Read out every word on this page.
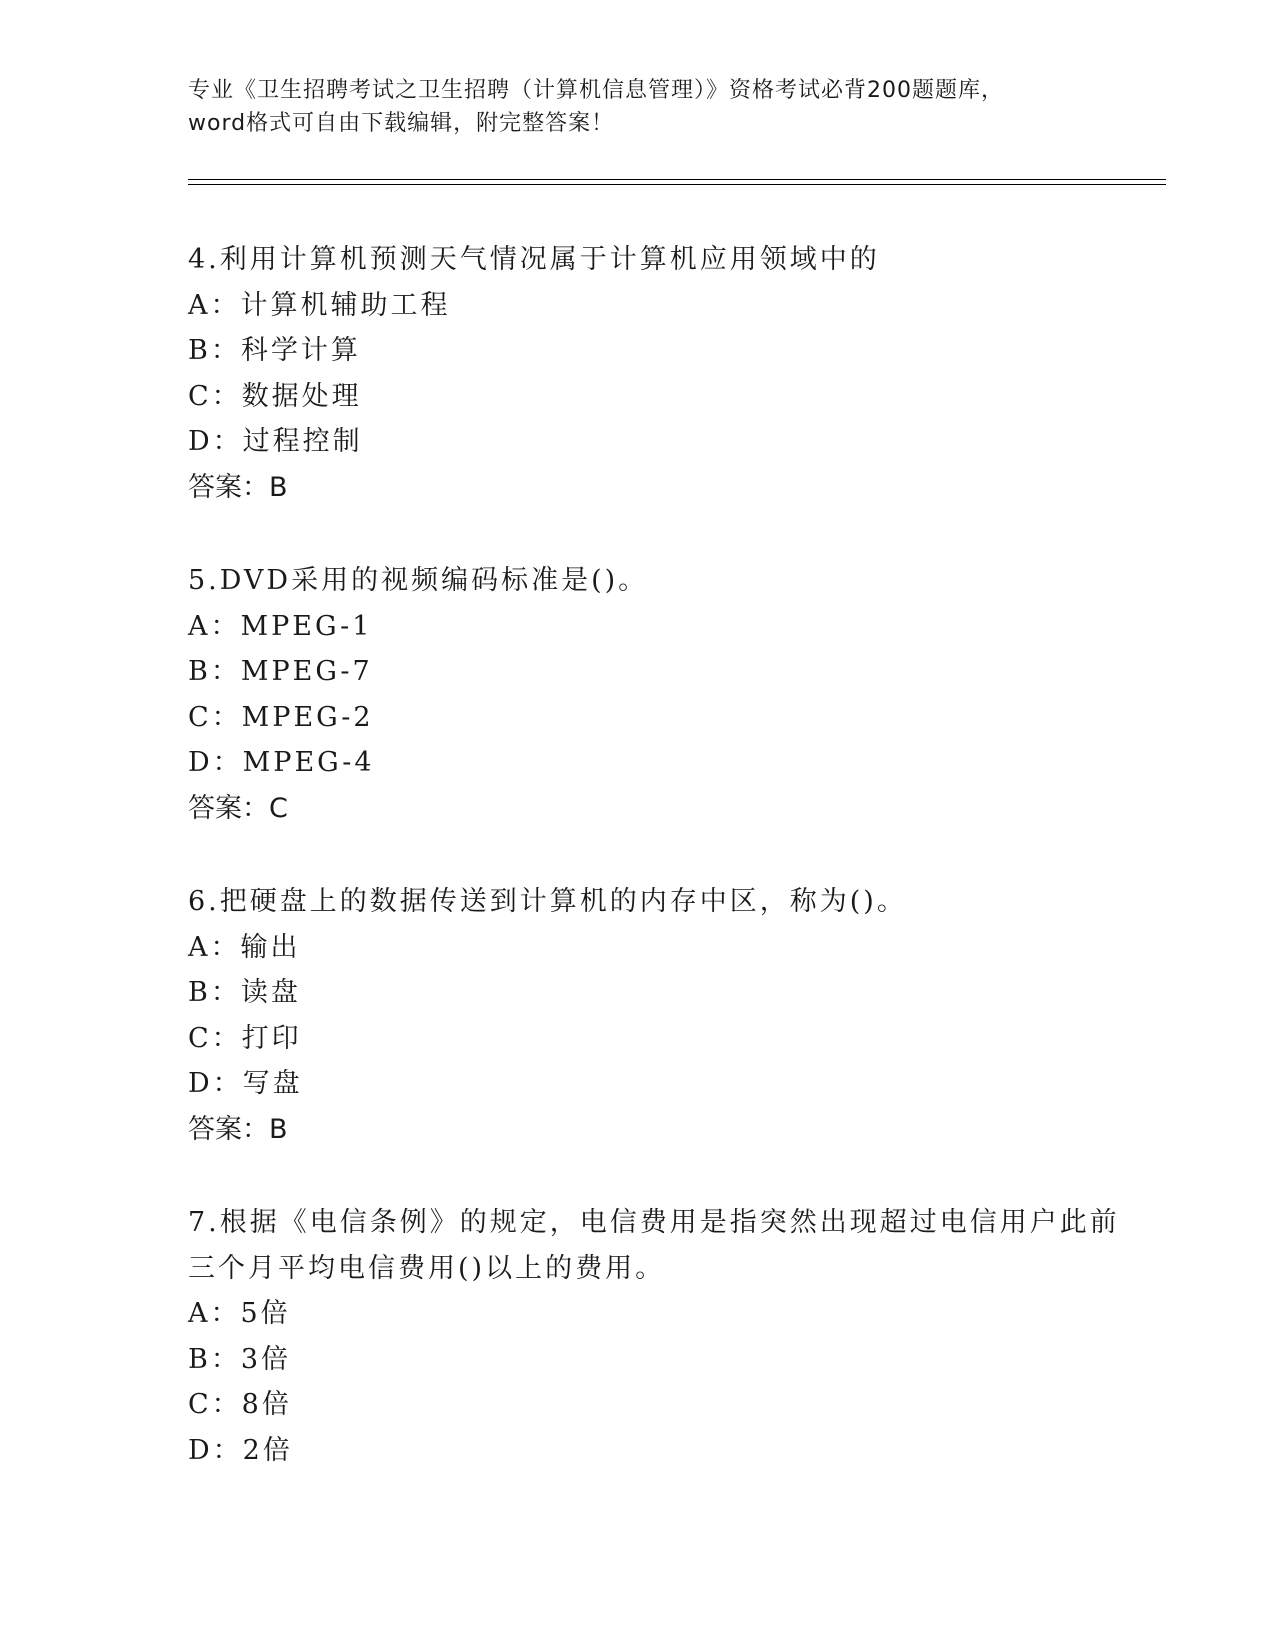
专业《卫生招聘考试之卫生招聘（计算机信息管理）》资格考试必背200题题库，
word格式可自由下载编辑，附完整答案！
4.利用计算机预测天气情况属于计算机应用领域中的
A：计算机辅助工程
B：科学计算
C：数据处理
D：过程控制
答案：B
5.DVD采用的视频编码标准是()。
A：MPEG-1
B：MPEG-7
C：MPEG-2
D：MPEG-4
答案：C
6.把硬盘上的数据传送到计算机的内存中区，称为()。
A：输出
B：读盘
C：打印
D：写盘
答案：B
7.根据《电信条例》的规定，电信费用是指突然出现超过电信用户此前三个月平均电信费用()以上的费用。
A：5倍
B：3倍
C：8倍
D：2倍
